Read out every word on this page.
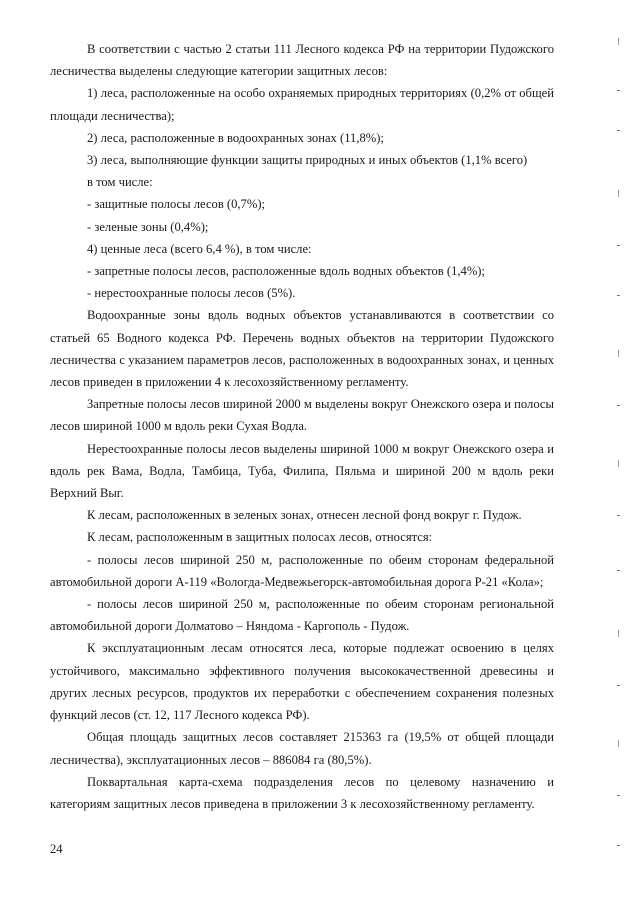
В соответствии с частью 2 статьи 111 Лесного кодекса РФ на территории Пудожского лесничества выделены следующие категории защитных лесов:

1) леса, расположенные на особо охраняемых природных территориях (0,2% от общей площади лесничества);

2) леса, расположенные в водоохранных зонах (11,8%);

3) леса, выполняющие функции защиты природных и иных объектов (1,1% всего)

в том числе:

- защитные полосы лесов (0,7%);

- зеленые зоны (0,4%);

4) ценные леса (всего 6,4 %), в том числе:

- запретные полосы лесов, расположенные вдоль водных объектов (1,4%);

- нерестоохранные полосы лесов (5%).

Водоохранные зоны вдоль водных объектов устанавливаются в соответствии со статьей 65 Водного кодекса РФ. Перечень водных объектов на территории Пудожского лесничества с указанием параметров лесов, расположенных в водоохранных зонах, и ценных лесов приведен в приложении 4 к лесохозяйственному регламенту.

Запретные полосы лесов шириной 2000 м выделены вокруг Онежского озера и полосы лесов шириной 1000 м вдоль реки Сухая Водла.

Нерестоохранные полосы лесов выделены шириной 1000 м вокруг Онежского озера и вдоль рек Вама, Водла, Тамбица, Туба, Филипа, Пяльма и шириной 200 м вдоль реки Верхний Выг.

К лесам, расположенных в зеленых зонах, отнесен лесной фонд вокруг г. Пудож.

К лесам, расположенным в защитных полосах лесов, относятся:

- полосы лесов шириной 250 м, расположенные по обеим сторонам федеральной автомобильной дороги А-119 «Вологда-Медвежьегорск-автомобильная дорога Р-21 «Кола»;

- полосы лесов шириной 250 м, расположенные по обеим сторонам региональной автомобильной дороги Долматово – Няндома - Каргополь - Пудож.

К эксплуатационным лесам относятся леса, которые подлежат освоению в целях устойчивого, максимально эффективного получения высококачественной древесины и других лесных ресурсов, продуктов их переработки с обеспечением сохранения полезных функций лесов (ст. 12, 117 Лесного кодекса РФ).

Общая площадь защитных лесов составляет 215363 га (19,5% от общей площади лесничества), эксплуатационных лесов – 886084 га (80,5%).

Поквартальная карта-схема подразделения лесов по целевому назначению и категориям защитных лесов приведена в приложении 3 к лесохозяйственному регламенту.

24
